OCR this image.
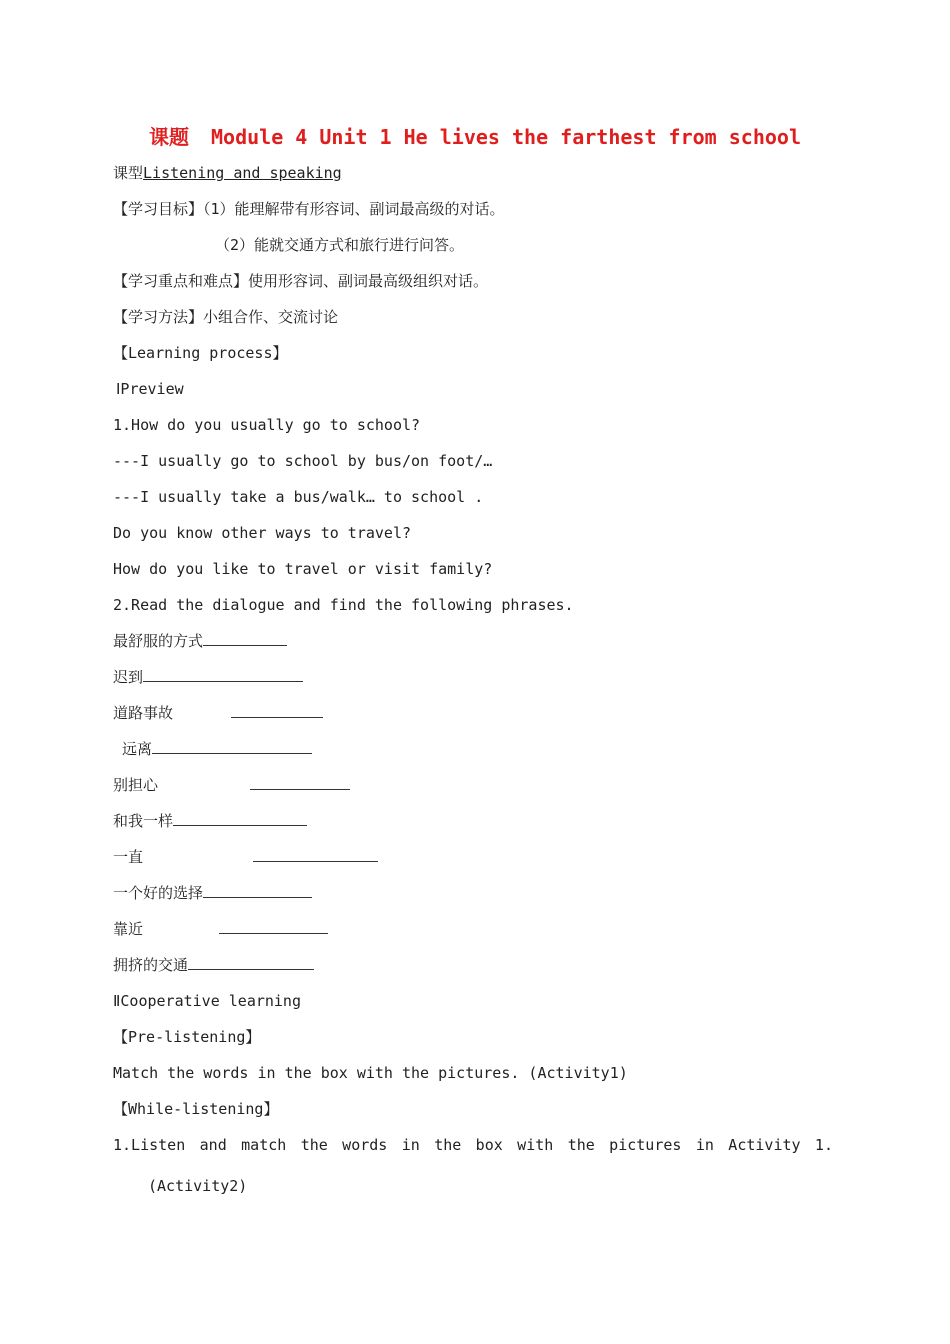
课题 Module 4 Unit 1 He lives the farthest from school
课型Listening and speaking
【学习目标】（1）能理解带有形容词、副词最高级的对话。
（2）能就交通方式和旅行进行问答。
【学习重点和难点】使用形容词、副词最高级组织对话。
【学习方法】小组合作、交流讨论
【Learning process】
ⅠPreview
1.How do you usually go to school?
---I usually go to school by bus/on foot/…
---I usually take a bus/walk… to school .
Do you know other ways to travel?
How do you like to travel or visit family?
2.Read the dialogue and find the following phrases.
最舒服的方式
迟到
道路事故
远离
别担心
和我一样
一直
一个好的选择
靠近
拥挤的交通
ⅡCooperative learning
【Pre-listening】
Match the words in the box with the pictures. (Activity1)
【While-listening】
1.Listen and match the words in the box with the pictures in Activity 1.
(Activity2)
